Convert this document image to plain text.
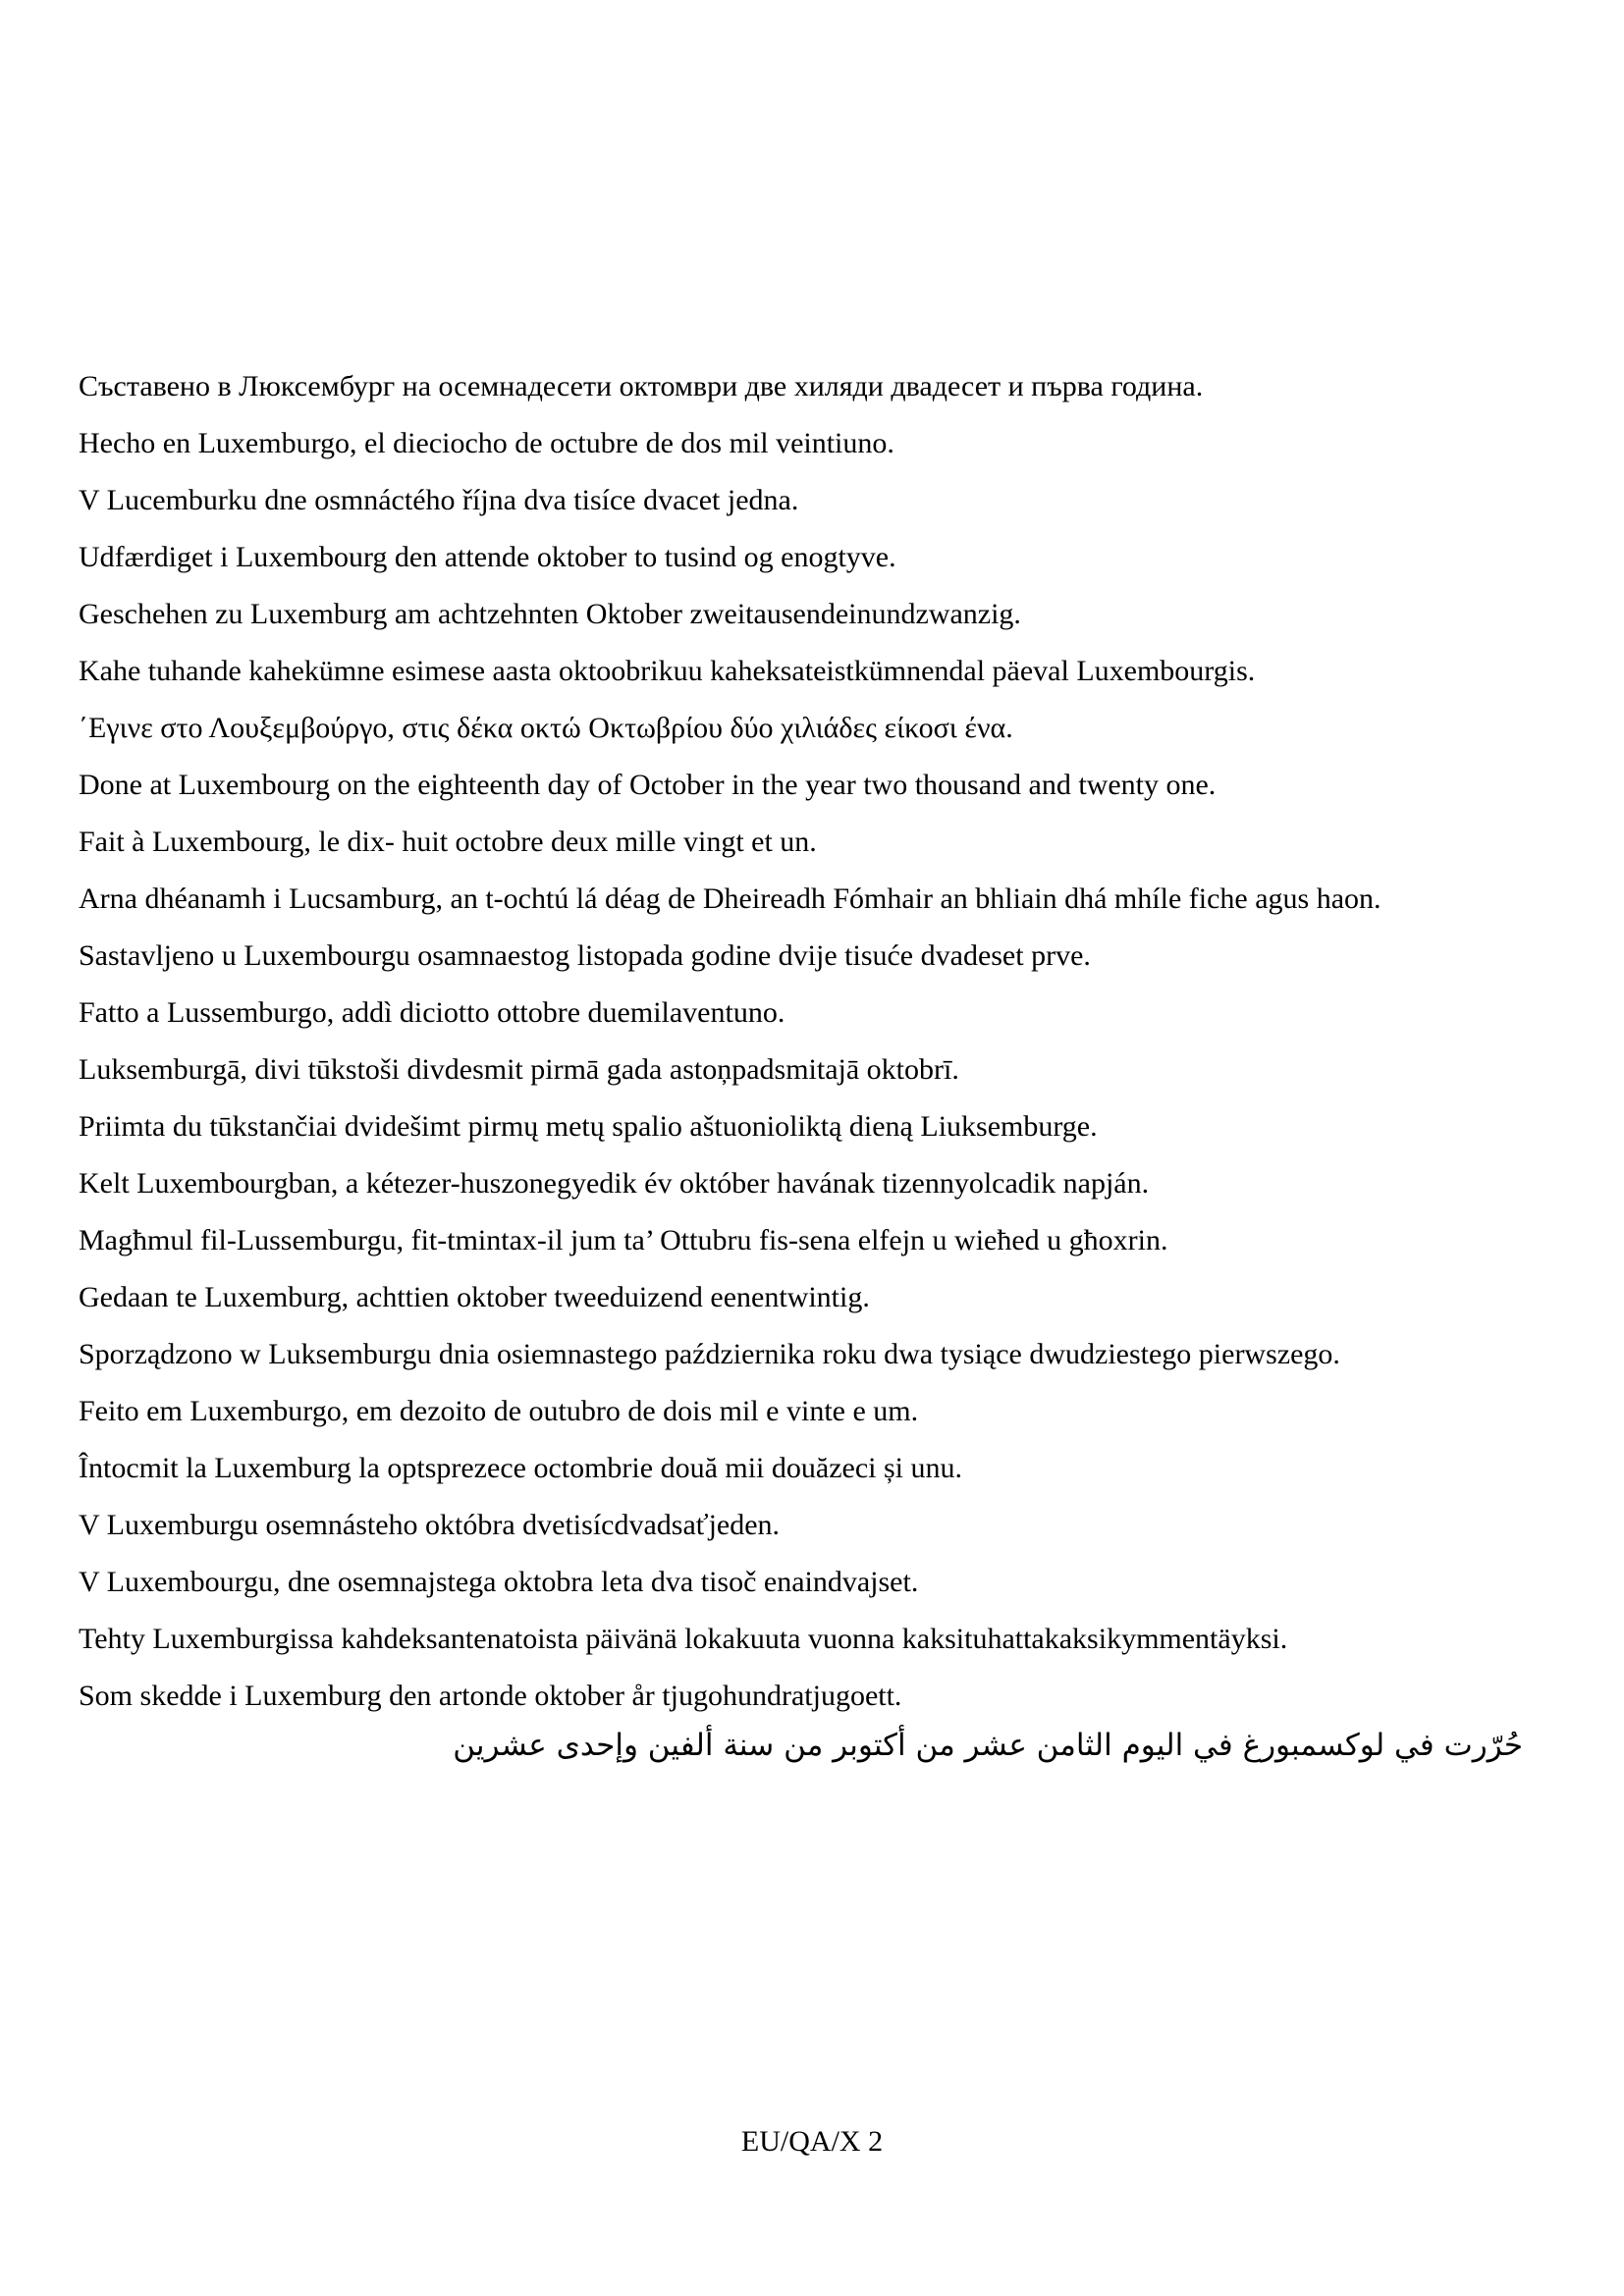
Съставено в Люксембург на осемнадесети октомври две хиляди двадесет и първа година.
Hecho en Luxemburgo, el dieciocho de octubre de dos mil veintiuno.
V Lucemburku dne osmnáctého října dva tisíce dvacet jedna.
Udfærdiget i Luxembourg den attende oktober to tusind og enogtyve.
Geschehen zu Luxemburg am achtzehnten Oktober zweitausendeinundzwanzig.
Kahe tuhande kahekümne esimese aasta oktoobrikuu kaheksateistkümnendal päeval Luxembourgis.
΄Εγινε στο Λουξεμβούργο, στις δέκα οκτώ Οκτωβρίου δύο χιλιάδες είκοσι ένα.
Done at Luxembourg on the eighteenth day of October in the year two thousand and twenty one.
Fait à Luxembourg, le dix- huit octobre deux mille vingt et un.
Arna dhéanamh i Lucsamburg, an t-ochtú lá déag de Dheireadh Fómhair an bhliain dhá mhíle fiche agus haon.
Sastavljeno u Luxembourgu osamnaestog listopada godine dvije tisuće dvadeset prve.
Fatto a Lussemburgo, addì diciotto ottobre duemilaventuno.
Luksemburgā, divi tūkstoši divdesmit pirmā gada astoņpadsmitajā oktobrī.
Priimta du tūkstančiai dvidešimt pirmų metų spalio aštuonioliktą dieną Liuksemburge.
Kelt Luxembourgban, a kétezer-huszonegyedik év október havának tizennyolcadik napján.
Magħmul fil-Lussemburgu, fit-tmintax-il jum ta’ Ottubru fis-sena elfejn u wieħed u għoxrin.
Gedaan te Luxemburg, achttien oktober tweeduizend eenentwintig.
Sporządzono w Luksemburgu dnia osiemnastego października roku dwa tysiące dwudziestego pierwszego.
Feito em Luxemburgo, em dezoito de outubro de dois mil e vinte e um.
Întocmit la Luxemburg la optsprezece octombrie două mii douăzeci și unu.
V Luxemburgu osemnásteho októbra dvetisícdvadsaťjeden.
V Luxembourgu, dne osemnajstega oktobra leta dva tisoč enaindvajset.
Tehty Luxemburgissa kahdeksantenatoista päivänä lokakuuta vuonna kaksituhattakaksikymmentäyksi.
Som skedde i Luxemburg den artonde oktober år tjugohundratjugoett.
حُرّرت في لوكسمبورغ في اليوم الثامن عشر من أكتوبر من سنة ألفين وإحدى عشرين
EU/QA/X 2
